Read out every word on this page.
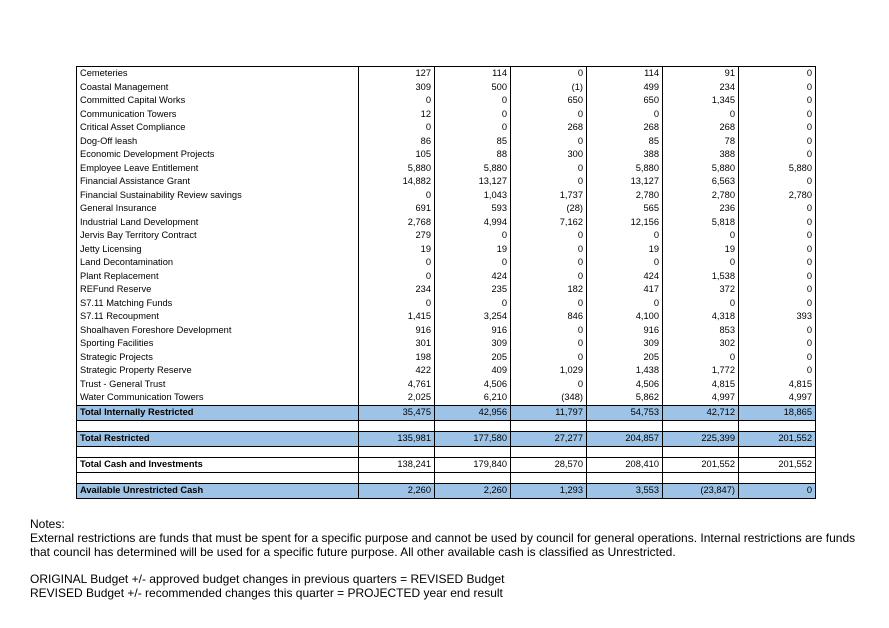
Cemeteries	127	114	0	114	91	0
Coastal Management	309	500	(1)	499	234	0
Committed Capital Works	0	0	650	650	1,345	0
Communication Towers	12	0	0	0	0	0
Critical Asset Compliance	0	0	268	268	268	0
Dog-Off leash	86	85	0	85	78	0
Economic Development Projects	105	88	300	388	388	0
Employee Leave Entitlement	5,880	5,880	0	5,880	5,880	5,880
Financial Assistance Grant	14,882	13,127	0	13,127	6,563	0
Financial Sustainability Review savings	0	1,043	1,737	2,780	2,780	2,780
General Insurance	691	593	(28)	565	236	0
Industrial Land Development	2,768	4,994	7,162	12,156	5,818	0
Jervis Bay Territory Contract	279	0	0	0	0	0
Jetty Licensing	19	19	0	19	19	0
Land Decontamination	0	0	0	0	0	0
Plant Replacement	0	424	0	424	1,538	0
REFund Reserve	234	235	182	417	372	0
S7.11 Matching Funds	0	0	0	0	0	0
S7.11 Recoupment	1,415	3,254	846	4,100	4,318	393
Shoalhaven Foreshore Development	916	916	0	916	853	0
Sporting Facilities	301	309	0	309	302	0
Strategic Projects	198	205	0	205	0	0
Strategic Property Reserve	422	409	1,029	1,438	1,772	0
Trust - General Trust	4,761	4,506	0	4,506	4,815	4,815
Water Communication Towers	2,025	6,210	(348)	5,862	4,997	4,997
Total Internally Restricted	35,475	42,956	11,797	54,753	42,712	18,865

Total Restricted	135,981	177,580	27,277	204,857	225,399	201,552

Total Cash and Investments	138,241	179,840	28,570	208,410	201,552	201,552

Available Unrestricted Cash	2,260	2,260	1,293	3,553	(23,847)	0

Notes:

External restrictions are funds that must be spent for a specific purpose and cannot be used by council for general operations. Internal restrictions are funds that council has determined will be used for a specific future purpose. All other available cash is classified as Unrestricted.

ORIGINAL Budget +/- approved budget changes in previous quarters = REVISED Budget

REVISED Budget +/- recommended changes this quarter = PROJECTED year end result
